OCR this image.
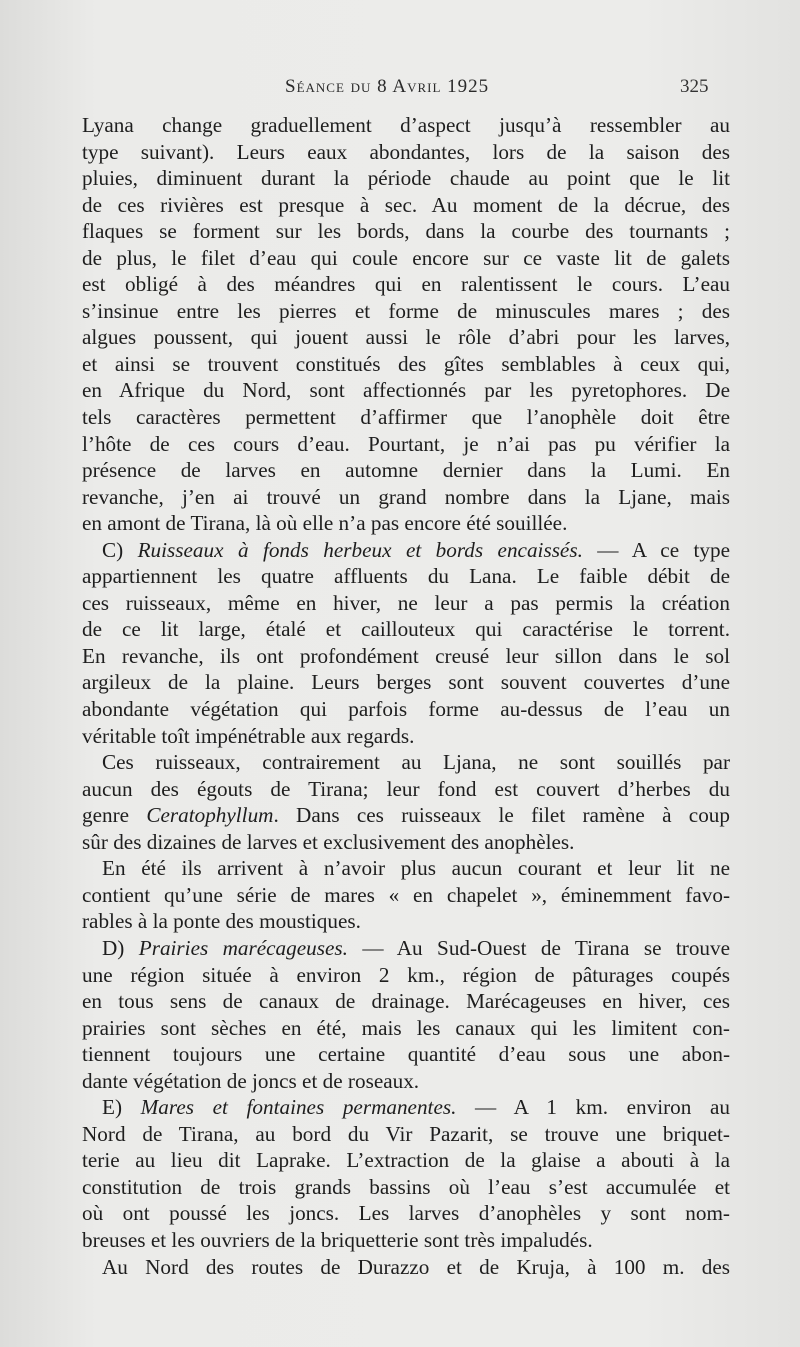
Séance du 8 Avril 1925	325
Lyana change graduellement d’aspect jusqu’à ressembler au
type suivant). Leurs eaux abondantes, lors de la saison des
pluies, diminuent durant la période chaude au point que le lit
de ces rivières est presque à sec. Au moment de la décrue, des
flaques se forment sur les bords, dans la courbe des tournants ;
de plus, le filet d’eau qui coule encore sur ce vaste lit de galets
est obligé à des méandres qui en ralentissent le cours. L’eau
s’insinue entre les pierres et forme de minuscules mares ; des
algues poussent, qui jouent aussi le rôle d’abri pour les larves,
et ainsi se trouvent constitués des gîtes semblables à ceux qui,
en Afrique du Nord, sont affectionnés par les pyretophores. De
tels caractères permettent d’affirmer que l’anophèle doit être
l’hôte de ces cours d’eau. Pourtant, je n’ai pas pu vérifier la
présence de larves en automne dernier dans la Lumi. En
revanche, j’en ai trouvé un grand nombre dans la Ljane, mais
en amont de Tirana, là où elle n’a pas encore été souillée.
C) Ruisseaux à fonds herbeux et bords encaissés. — A ce type
appartiennent les quatre affluents du Lana. Le faible débit de
ces ruisseaux, même en hiver, ne leur a pas permis la création
de ce lit large, étalé et caillouteux qui caractérise le torrent.
En revanche, ils ont profondément creusé leur sillon dans le sol
argileux de la plaine. Leurs berges sont souvent couvertes d’une
abondante végétation qui parfois forme au-dessus de l’eau un
véritable toît impénétrable aux regards.
Ces ruisseaux, contrairement au Ljana, ne sont souillés par
aucun des égouts de Tirana; leur fond est couvert d’herbes du
genre Ceratophyllum. Dans ces ruisseaux le filet ramène à coup
sûr des dizaines de larves et exclusivement des anophèles.
En été ils arrivent à n’avoir plus aucun courant et leur lit ne
contient qu’une série de mares « en chapelet », éminemment favo-
rables à la ponte des moustiques.
D) Prairies marécageuses. — Au Sud-Ouest de Tirana se trouve
une région située à environ 2 km., région de pâturages coupés
en tous sens de canaux de drainage. Marécageuses en hiver, ces
prairies sont sèches en été, mais les canaux qui les limitent con-
tiennent toujours une certaine quantité d’eau sous une abon-
dante végétation de joncs et de roseaux.
E) Mares et fontaines permanentes. — A 1 km. environ au
Nord de Tirana, au bord du Vir Pazarit, se trouve une briquet-
terie au lieu dit Laprake. L’extraction de la glaise a abouti à la
constitution de trois grands bassins où l’eau s’est accumulée et
où ont poussé les joncs. Les larves d’anophèles y sont nom-
breuses et les ouvriers de la briquetterie sont très impaludés.
Au Nord des routes de Durazzo et de Kruja, à 100 m. des
